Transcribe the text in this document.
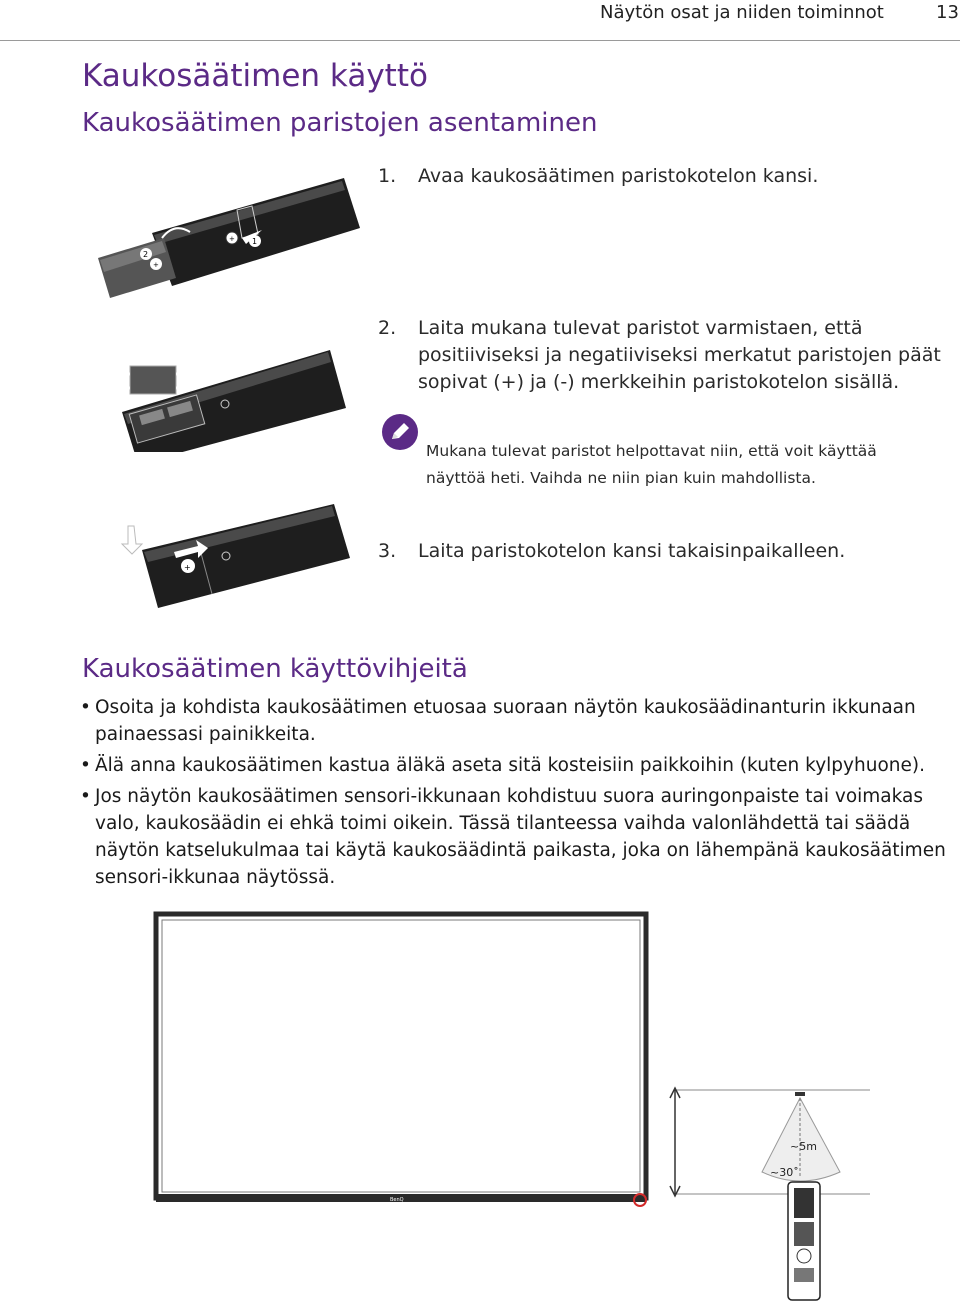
Näytön osat ja niiden toiminnot	13
Kaukosäätimen käyttö
Kaukosäätimen paristojen asentaminen
1. Avaa kaukosäätimen paristokotelon kansi.
2. Laita mukana tulevat paristot varmistaen, että positiiviseksi ja negatiiviseksi merkatut paristojen päät sopivat (+) ja (-) merkkeihin paristokotelon sisällä.
Mukana tulevat paristot helpottavat niin, että voit käyttää näyttöä heti. Vaihda ne niin pian kuin mahdollista.
3. Laita paristokotelon kansi takaisinpaikalleen.
+ 1
2
+
+
Kaukosäätimen käyttövihjeitä
• Osoita ja kohdista kaukosäätimen etuosaa suoraan näytön kaukosäädinanturin ikkunaan painaessasi painikkeita.
• Älä anna kaukosäätimen kastua äläkä aseta sitä kosteisiin paikkoihin (kuten kylpyhuone).
• Jos näytön kaukosäätimen sensori-ikkunaan kohdistuu suora auringonpaiste tai voimakas valo, kaukosäädin ei ehkä toimi oikein. Tässä tilanteessa vaihda valonlähdettä tai säädä näytön katselukulmaa tai käytä kaukosäädintä paikasta, joka on lähempänä kaukosäätimen sensori-ikkunaa näytössä.
BenQ
~5m
~30˚
